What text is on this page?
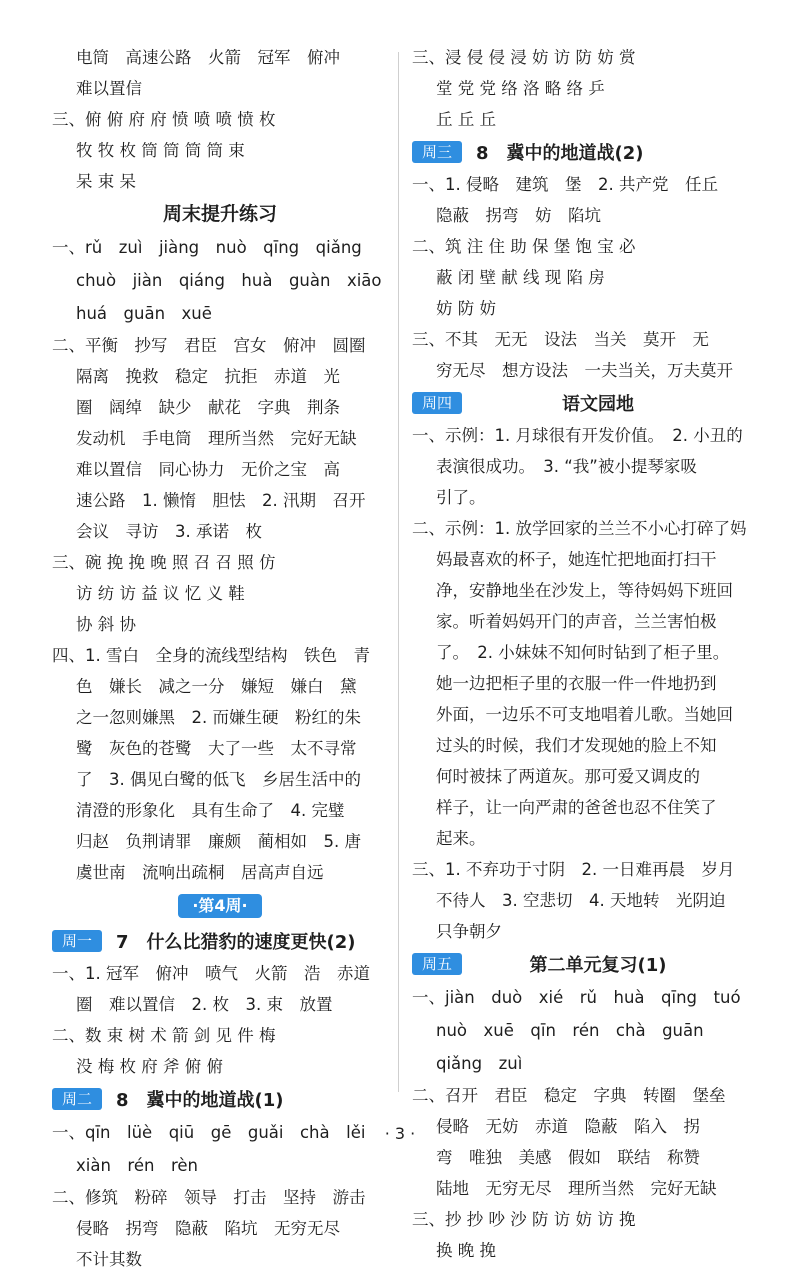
电筒　高速公路　火箭　冠军　俯冲
难以置信
三、俯 俯 府 府 愤 喷 喷 愤 枚
牧 牧 枚 筒 筒 筒 筒 束
呆 束 呆
周末提升练习
一、rǔ　zuì　jiàng　nuò　qīng　qiǎng
chuò　jiàn　qiáng　huà　guàn　xiāo
huá　guān　xuē
二、平衡　抄写　君臣　宫女　俯冲　圆圈
隔离　挽救　稳定　抗拒　赤道　光
圈　阔绰　缺少　献花　字典　荆条
发动机　手电筒　理所当然　完好无缺
难以置信　同心协力　无价之宝　高
速公路　1. 懒惰　胆怯　2. 汛期　召开
会议　寻访　3. 承诺　枚
三、碗 挽 挽 晚 照 召 召 照 仿
访 纺 访 益 议 忆 义 鞋
协 斜 协
四、1. 雪白　全身的流线型结构　铁色　青
色　嫌长　减之一分　嫌短　嫌白　黛
之一忽则嫌黑　2. 而嫌生硬　粉红的朱
鹭　灰色的苍鹭　大了一些　太不寻常
了　3. 偶见白鹭的低飞　乡居生活中的
清澄的形象化　具有生命了　4. 完璧
归赵　负荆请罪　廉颇　蔺相如　5. 唐
虞世南　流响出疏桐　居高声自远
·第4周·
周一	7　什么比猎豹的速度更快(2)
一、1. 冠军　俯冲　喷气　火箭　浩　赤道
圈　难以置信　2. 枚　3. 束　放置
二、数 束 树 术 箭 剑 见 件 梅
没 梅 枚 府 斧 俯 俯
周二	8　冀中的地道战(1)
一、qīn　lüè　qiū　gē　guǎi　chà　lěi
xiàn　rén　rèn
二、修筑　粉碎　领导　打击　坚持　游击
侵略　拐弯　隐蔽　陷坑　无穷无尽
不计其数
三、浸 侵 侵 浸 妨 访 防 妨 赏
堂 党 党 络 洛 略 络 乒
丘 丘 丘
周三	8　冀中的地道战(2)
一、1. 侵略　建筑　堡　2. 共产党　任丘
隐蔽　拐弯　妨　陷坑
二、筑 注 住 助 保 堡 饱 宝 必
蔽 闭 壁 献 线 现 陷 房
妨 防 妨
三、不其　无无　设法　当关　莫开　无
穷无尽　想方设法　一夫当关，万夫莫开
周四	语文园地
一、示例：1. 月球很有开发价值。　2. 小丑的
表演很成功。　3. “我”被小提琴家吸
引了。
二、示例：1. 放学回家的兰兰不小心打碎了妈
妈最喜欢的杯子，她连忙把地面打扫干
净，安静地坐在沙发上，等待妈妈下班回
家。听着妈妈开门的声音，兰兰害怕极
了。　2. 小妹妹不知何时钻到了柜子里。
她一边把柜子里的衣服一件一件地扔到
外面，一边乐不可支地唱着儿歌。当她回
过头的时候，我们才发现她的脸上不知
何时被抹了两道灰。那可爱又调皮的
样子，让一向严肃的爸爸也忍不住笑了
起来。
三、1. 不弃功于寸阴　2. 一日难再晨　岁月
不待人　3. 空悲切　4. 天地转　光阴迫
只争朝夕
周五	第二单元复习(1)
一、jiàn　duò　xié　rǔ　huà　qīng　tuó
nuò　xuē　qīn　rén　chà　guān
qiǎng　zuì
二、召开　君臣　稳定　字典　转圈　堡垒
侵略　无妨　赤道　隐蔽　陷入　拐
弯　唯独　美感　假如　联结　称赞
陆地　无穷无尽　理所当然　完好无缺
三、抄 抄 吵 沙 防 访 妨 访 挽
换 晚 挽
· 3 ·
